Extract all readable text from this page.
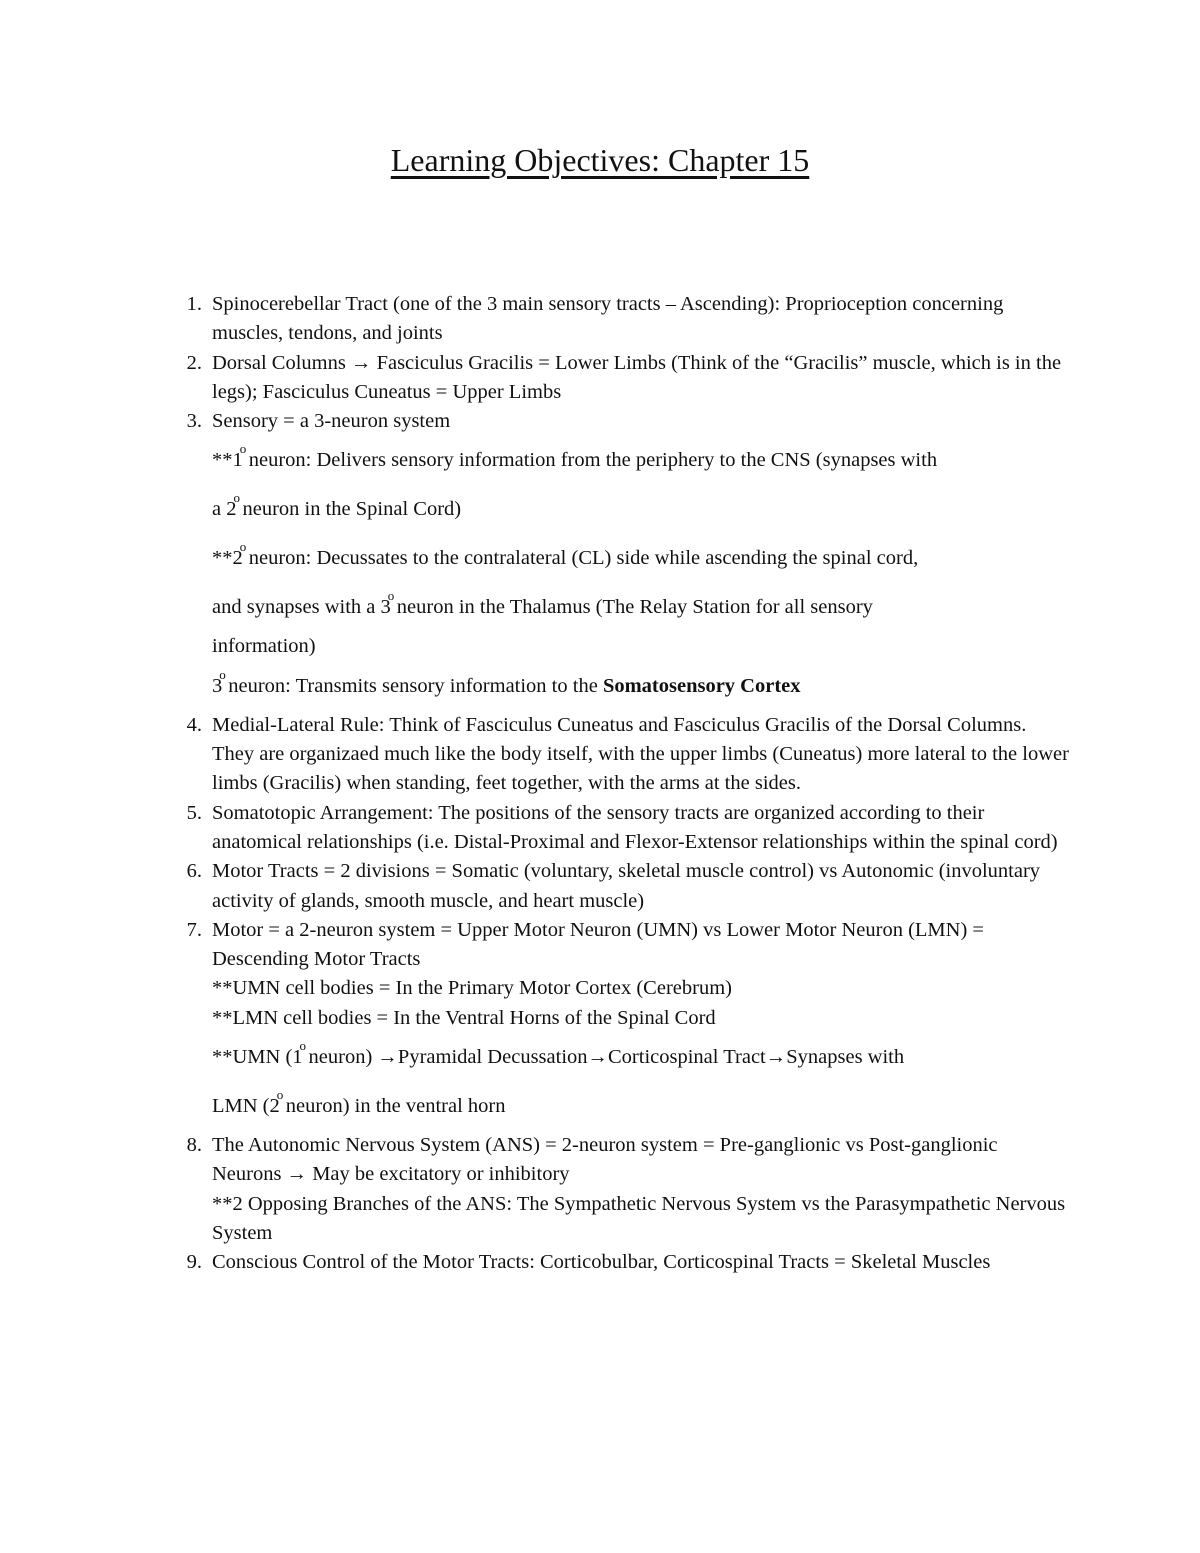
Learning Objectives: Chapter 15
1. Spinocerebellar Tract (one of the 3 main sensory tracts – Ascending): Proprioception concerning muscles, tendons, and joints
2. Dorsal Columns → Fasciculus Gracilis = Lower Limbs (Think of the “Gracilis” muscle, which is in the legs); Fasciculus Cuneatus = Upper Limbs
3. Sensory = a 3-neuron system
**1
o
neuron: Delivers sensory information from the periphery to the CNS (synapses with
a 2
o
neuron in the Spinal Cord)
**2
o
neuron: Decussates to the contralateral (CL) side while ascending the spinal cord,
and synapses with a 3
o
neuron in the Thalamus (The Relay Station for all sensory
information)
3
o
neuron: Transmits sensory information to the Somatosensory Cortex
4. Medial-Lateral Rule: Think of Fasciculus Cuneatus and Fasciculus Gracilis of the Dorsal Columns. They are organizaed much like the body itself, with the upper limbs (Cuneatus) more lateral to the lower limbs (Gracilis) when standing, feet together, with the arms at the sides.
5. Somatotopic Arrangement: The positions of the sensory tracts are organized according to their anatomical relationships (i.e. Distal-Proximal and Flexor-Extensor relationships within the spinal cord)
6. Motor Tracts = 2 divisions = Somatic (voluntary, skeletal muscle control) vs Autonomic (involuntary activity of glands, smooth muscle, and heart muscle)
7. Motor = a 2-neuron system = Upper Motor Neuron (UMN) vs Lower Motor Neuron (LMN) = Descending Motor Tracts
**UMN cell bodies = In the Primary Motor Cortex (Cerebrum)
**LMN cell bodies = In the Ventral Horns of the Spinal Cord
**UMN (1
o
neuron) →Pyramidal Decussation→Corticospinal Tract→Synapses with
LMN (2
o
neuron) in the ventral horn
8. The Autonomic Nervous System (ANS) = 2-neuron system = Pre-ganglionic vs Post-ganglionic Neurons → May be excitatory or inhibitory
**2 Opposing Branches of the ANS: The Sympathetic Nervous System vs the Parasympathetic Nervous System
9. Conscious Control of the Motor Tracts: Corticobulbar, Corticospinal Tracts = Skeletal Muscles
